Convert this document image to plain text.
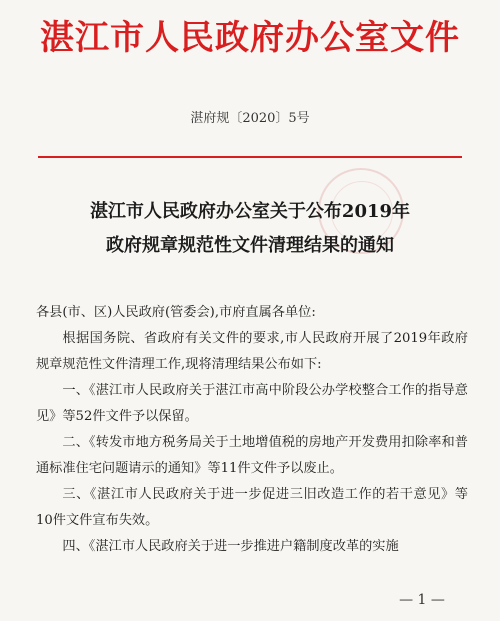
湛江市人民政府办公室文件
湛府规〔2020〕5号
湛江市人民政府办公室关于公布2019年
政府规章规范性文件清理结果的通知

各县(市、区)人民政府(管委会),市府直属各单位:

根据国务院、省政府有关文件的要求,市人民政府开展了2019年政府规章规范性文件清理工作,现将清理结果公布如下:

一、《湛江市人民政府关于湛江市高中阶段公办学校整合工作的指导意见》等52件文件予以保留。

二、《转发市地方税务局关于土地增值税的房地产开发费用扣除率和普通标准住宅问题请示的通知》等11件文件予以废止。

三、《湛江市人民政府关于进一步促进三旧改造工作的若干意见》等10件文件宣布失效。

四、《湛江市人民政府关于进一步推进户籍制度改革的实施

— 1 —
